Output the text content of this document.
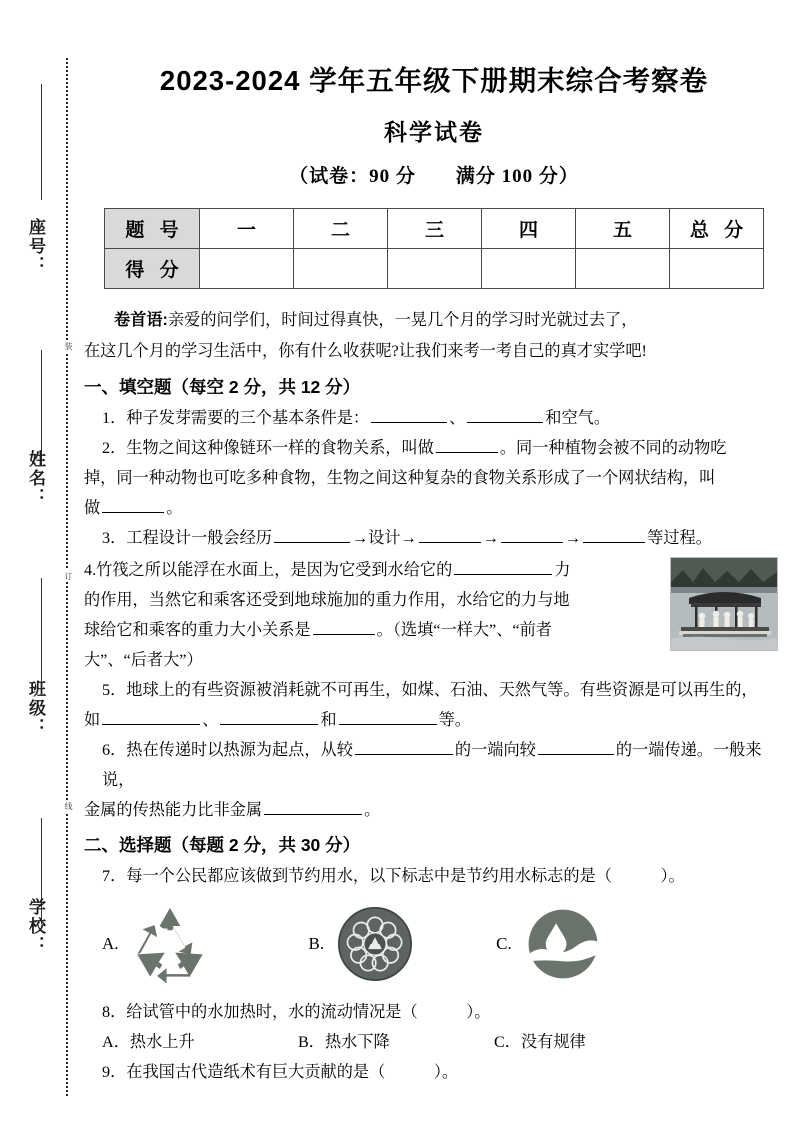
座号：
姓名：
班级：
学校：
装
订
线
2023-2024 学年五年级下册期末综合考察卷
科学试卷
（试卷：90 分　　满分 100 分）
题 号	一	二	三	四	五	总 分
得 分						
卷首语:亲爱的问学们，时间过得真快，一晃几个月的学习时光就过去了，
在这几个月的学习生活中，你有什么收获呢?让我们来考一考自己的真才实学吧!
一、填空题（每空 2 分，共 12 分）
1．种子发芽需要的三个基本条件是：	、	和空气。
2．生物之间这种像链环一样的食物关系，叫做	。同一种植物会被不同的动物吃
掉，同一种动物也可吃多种食物，生物之间这种复杂的食物关系形成了一个网状结构，叫
做	。
3．工程设计一般会经历	→设计→	→	→	等过程。
4.竹筏之所以能浮在水面上，是因为它受到水给它的	力
的作用，当然它和乘客还受到地球施加的重力作用，水给它的力与地
球给它和乘客的重力大小关系是	。（选填“一样大”、“前者
大”、“后者大”）
5．地球上的有些资源被消耗就不可再生，如煤、石油、天然气等。有些资源是可以再生的，
如	、	和	等。
6．热在传递时以热源为起点，从较	的一端向较	的一端传递。一般来说，
金属的传热能力比非金属	。
二、选择题（每题 2 分，共 30 分）
7．每一个公民都应该做到节约用水，以下标志中是节约用水标志的是（　　　）。
A.	B.	C.
8．给试管中的水加热时，水的流动情况是（　　　）。
A．热水上升	B．热水下降	C．没有规律
9．在我国古代造纸术有巨大贡献的是（　　　）。
